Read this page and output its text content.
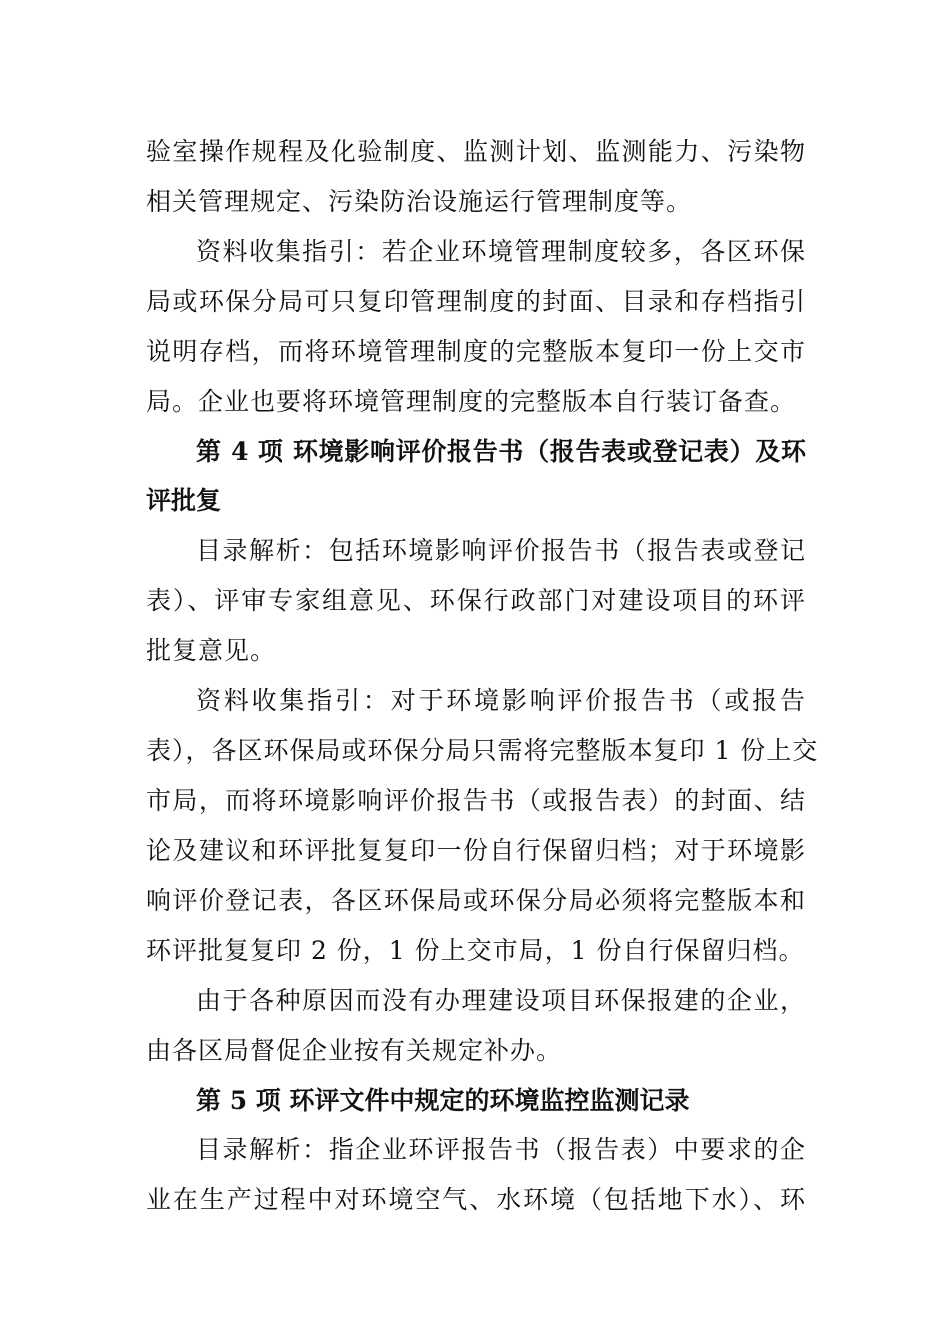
验室操作规程及化验制度、监测计划、监测能力、污染物
相关管理规定、污染防治设施运行管理制度等。
资料收集指引：若企业环境管理制度较多，各区环保
局或环保分局可只复印管理制度的封面、目录和存档指引
说明存档，而将环境管理制度的完整版本复印一份上交市
局。企业也要将环境管理制度的完整版本自行装订备查。
第 4 项 环境影响评价报告书（报告表或登记表）及环
评批复
目录解析：包括环境影响评价报告书（报告表或登记
表）、评审专家组意见、环保行政部门对建设项目的环评
批复意见。
资料收集指引：对于环境影响评价报告书（或报告
表），各区环保局或环保分局只需将完整版本复印 1 份上交
市局，而将环境影响评价报告书（或报告表）的封面、结
论及建议和环评批复复印一份自行保留归档；对于环境影
响评价登记表，各区环保局或环保分局必须将完整版本和
环评批复复印 2 份，1 份上交市局，1 份自行保留归档。
由于各种原因而没有办理建设项目环保报建的企业，
由各区局督促企业按有关规定补办。
第 5 项 环评文件中规定的环境监控监测记录
目录解析：指企业环评报告书（报告表）中要求的企
业在生产过程中对环境空气、水环境（包括地下水）、环
